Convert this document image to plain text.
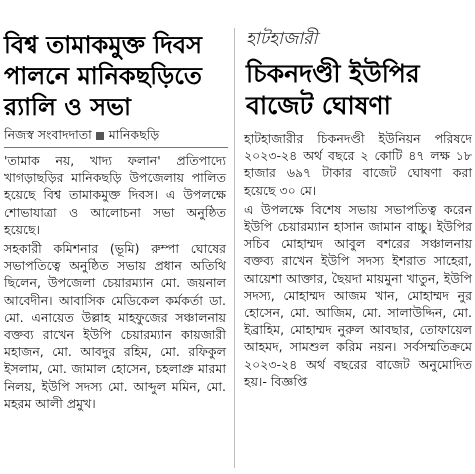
বিশ্ব তামাকমুক্ত দিবস পালনে মানিকছড়িতে র‍্যালি ও সভা
নিজস্ব সংবাদদাতা মানিকছড়ি

'তামাক নয়, খাদ্য ফলান' প্রতিপাদ্যে খাগড়াছড়ির মানিকছড়ি উপজেলায় পালিত হয়েছে বিশ্ব তামাকমুক্ত দিবস। এ উপলক্ষে শোভাযাত্রা ও আলোচনা সভা অনুষ্ঠিত হয়েছে।

সহকারী কমিশনার (ভূমি) রুম্পা ঘোষের সভাপতিত্বে অনুষ্ঠিত সভায় প্রধান অতিথি ছিলেন, উপজেলা চেয়ারম্যান মো. জয়নাল আবেদীন। আবাসিক মেডিকেল কর্মকর্তা ডা. মো. এনায়েত উল্লাহ মাহফুজের সঞ্চালনায় বক্তব্য রাখেন ইউপি চেয়ারম্যান কায়জারী মহাজন, মো. আবদুর রহিম, মো. রফিকুল ইসলাম, মো. জামাল হোসেন, চহলাপ্রু মারমা নিলয়, ইউপি সদস্য মো. আব্দুল মমিন, মো. মহরম আলী প্রমুখ।

হাটহাজারী
চিকনদণ্ডী ইউপির বাজেট ঘোষণা

হাটহাজারীর চিকনদণ্ডী ইউনিয়ন পরিষদে ২০২৩-২৪ অর্থ বছরে ২ কোটি ৪৭ লক্ষ ১৮ হাজার ৬৯৭ টাকার বাজেট ঘোষণা করা হয়েছে ৩০ মে।

এ উপলক্ষে বিশেষ সভায় সভাপতিত্ব করেন ইউপি চেয়ারম্যান হাসান জামান বাচ্চু। ইউপির সচিব মোহাম্মদ আবুল বশরের সঞ্চালনায় বক্তব্য রাখেন ইউপি সদস্য ইশরাত সাহেরা, আয়েশা আক্তার, ছৈয়দা মায়মুনা খাতুন, ইউপি সদস্য, মোহাম্মদ আজম খান, মোহাম্মদ নুর হোসেন, মো. আজিম, মো. সালাউদ্দিন, মো. ইব্রাহিম, মোহাম্মদ নুরুল আবছার, তোফায়েল আহমদ, সামশুল করিম নয়ন। সর্বসম্মতিক্রমে ২০২৩-২৪ অর্থ বছরের বাজেট অনুমোদিত হয়।- বিজ্ঞপ্তি
